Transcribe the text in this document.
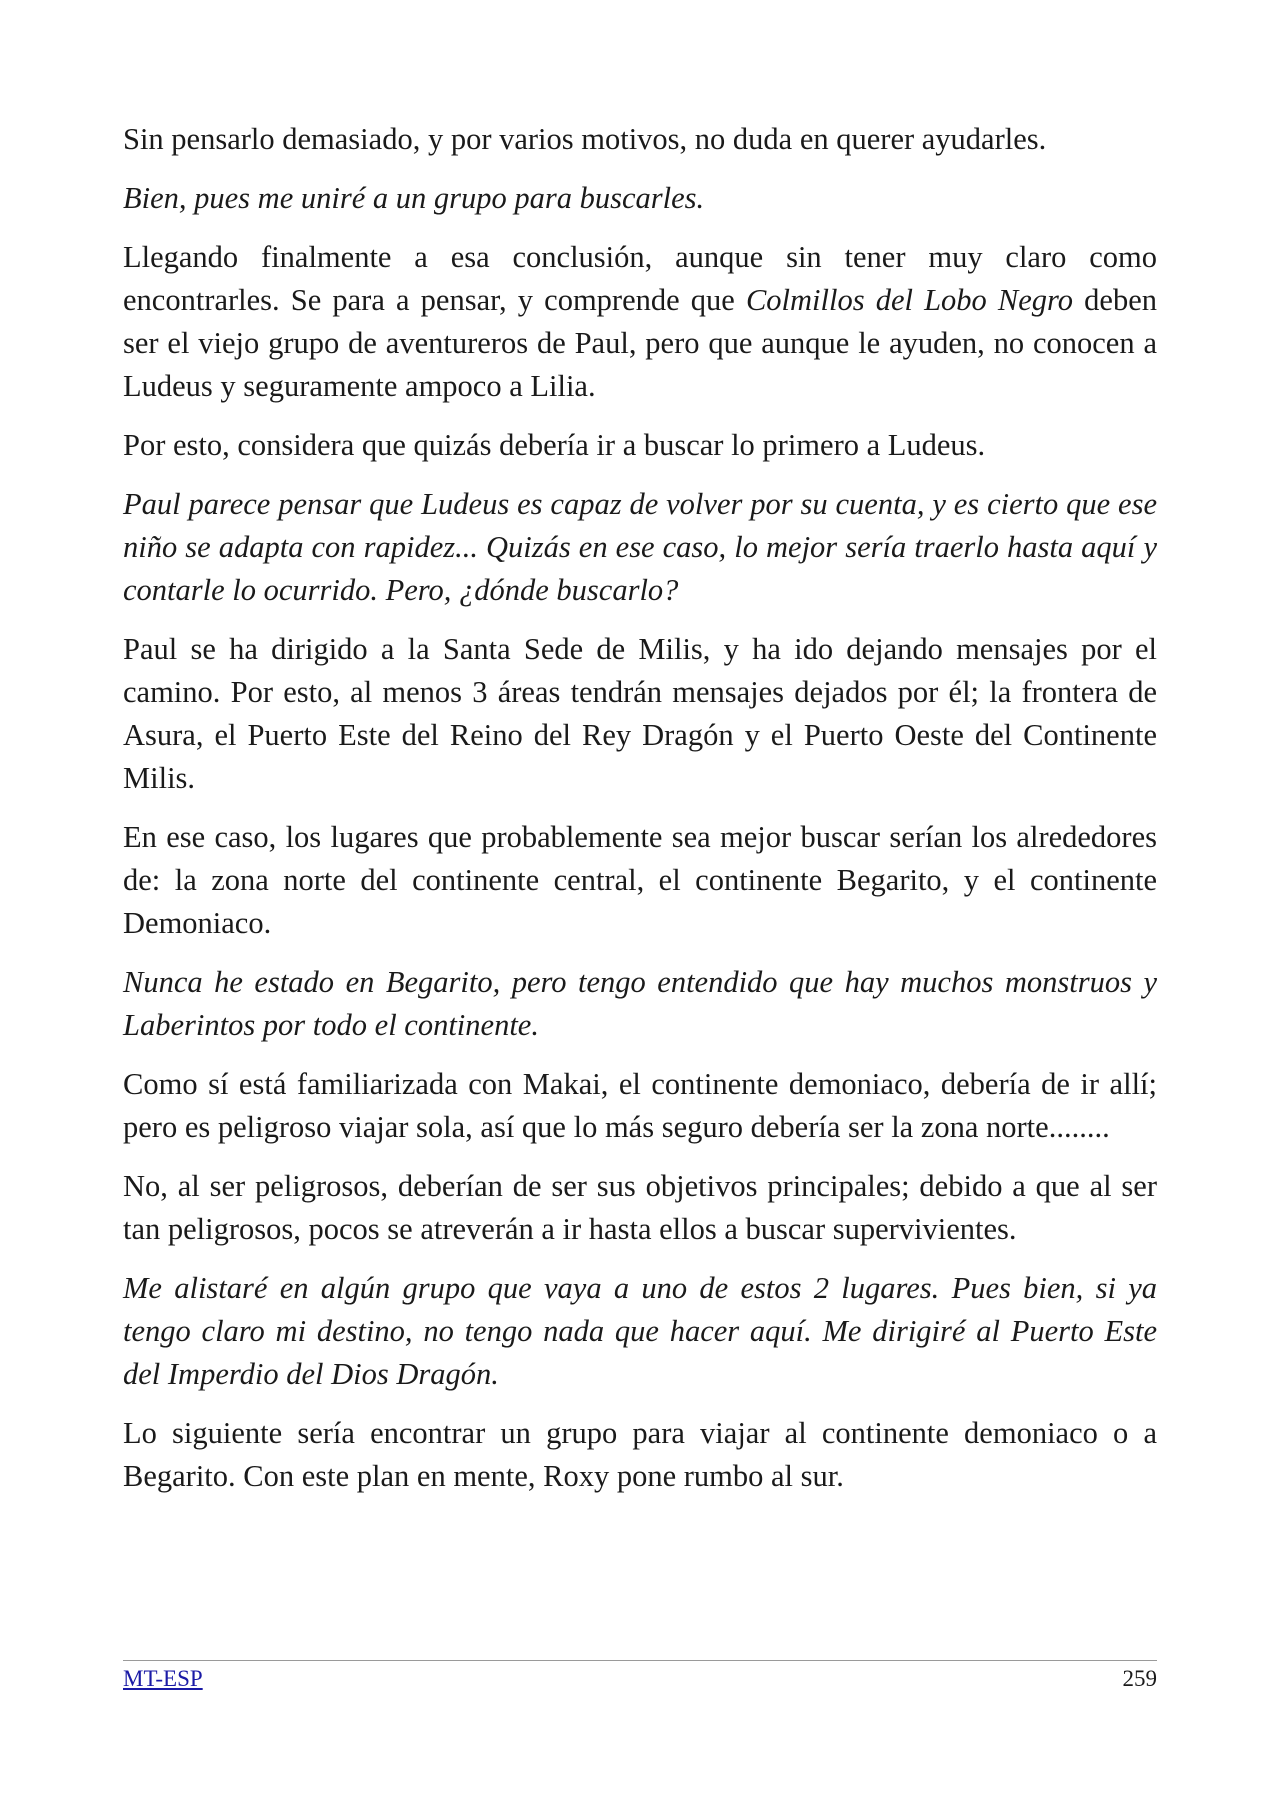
Sin pensarlo demasiado, y por varios motivos, no duda en querer ayudarles.

Bien, pues me uniré a un grupo para buscarles.

Llegando finalmente a esa conclusión, aunque sin tener muy claro como encontrarles. Se para a pensar, y comprende que Colmillos del Lobo Negro deben ser el viejo grupo de aventureros de Paul, pero que aunque le ayuden, no conocen a Ludeus y seguramente ampoco a Lilia.

Por esto, considera que quizás debería ir a buscar lo primero a Ludeus.

Paul parece pensar que Ludeus es capaz de volver por su cuenta, y es cierto que ese niño se adapta con rapidez... Quizás en ese caso, lo mejor sería traerlo hasta aquí y contarle lo ocurrido. Pero, ¿dónde buscarlo?

Paul se ha dirigido a la Santa Sede de Milis, y ha ido dejando mensajes por el camino. Por esto, al menos 3 áreas tendrán mensajes dejados por él; la frontera de Asura, el Puerto Este del Reino del Rey Dragón y el Puerto Oeste del Continente Milis.

En ese caso, los lugares que probablemente sea mejor buscar serían los alrededores de: la zona norte del continente central, el continente Begarito, y el continente Demoniaco.

Nunca he estado en Begarito, pero tengo entendido que hay muchos monstruos y Laberintos por todo el continente.

Como sí está familiarizada con Makai, el continente demoniaco, debería de ir allí; pero es peligroso viajar sola, así que lo más seguro debería ser la zona norte........

No, al ser peligrosos, deberían de ser sus objetivos principales; debido a que al ser tan peligrosos, pocos se atreverán a ir hasta ellos a buscar supervivientes.

Me alistaré en algún grupo que vaya a uno de estos 2 lugares. Pues bien, si ya tengo claro mi destino, no tengo nada que hacer aquí. Me dirigiré al Puerto Este del Imperdio del Dios Dragón.

Lo siguiente sería encontrar un grupo para viajar al continente demoniaco o a Begarito. Con este plan en mente, Roxy pone rumbo al sur.

MT-ESP	259
